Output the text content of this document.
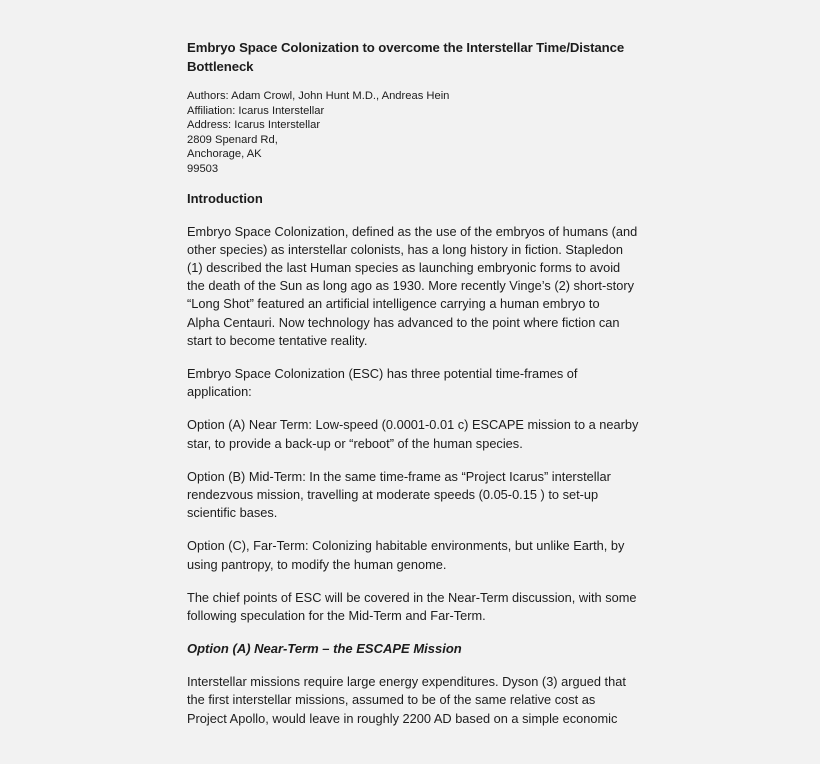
Embryo Space Colonization to overcome the Interstellar Time/Distance
Bottleneck
Authors: Adam Crowl, John Hunt M.D., Andreas Hein
Affiliation: Icarus Interstellar
Address: Icarus Interstellar
2809 Spenard Rd,
Anchorage, AK
99503
Introduction
Embryo Space Colonization, defined as the use of the embryos of humans (and
other species) as interstellar colonists, has a long history in fiction. Stapledon
(1) described the last Human species as launching embryonic forms to avoid
the death of the Sun as long ago as 1930. More recently Vinge’s (2) short-story
“Long Shot” featured an artificial intelligence carrying a human embryo to
Alpha Centauri. Now technology has advanced to the point where fiction can
start to become tentative reality.
Embryo Space Colonization (ESC) has three potential time-frames of
application:
Option (A) Near Term: Low-speed (0.0001-0.01 c) ESCAPE mission to a nearby
star, to provide a back-up or “reboot” of the human species.
Option (B) Mid-Term: In the same time-frame as “Project Icarus” interstellar
rendezvous mission, travelling at moderate speeds (0.05-0.15 ) to set-up
scientific bases.
Option (C), Far-Term: Colonizing habitable environments, but unlike Earth, by
using pantropy, to modify the human genome.
The chief points of ESC will be covered in the Near-Term discussion, with some
following speculation for the Mid-Term and Far-Term.
Option (A) Near-Term – the ESCAPE Mission
Interstellar missions require large energy expenditures. Dyson (3) argued that
the first interstellar missions, assumed to be of the same relative cost as
Project Apollo, would leave in roughly 2200 AD based on a simple economic
